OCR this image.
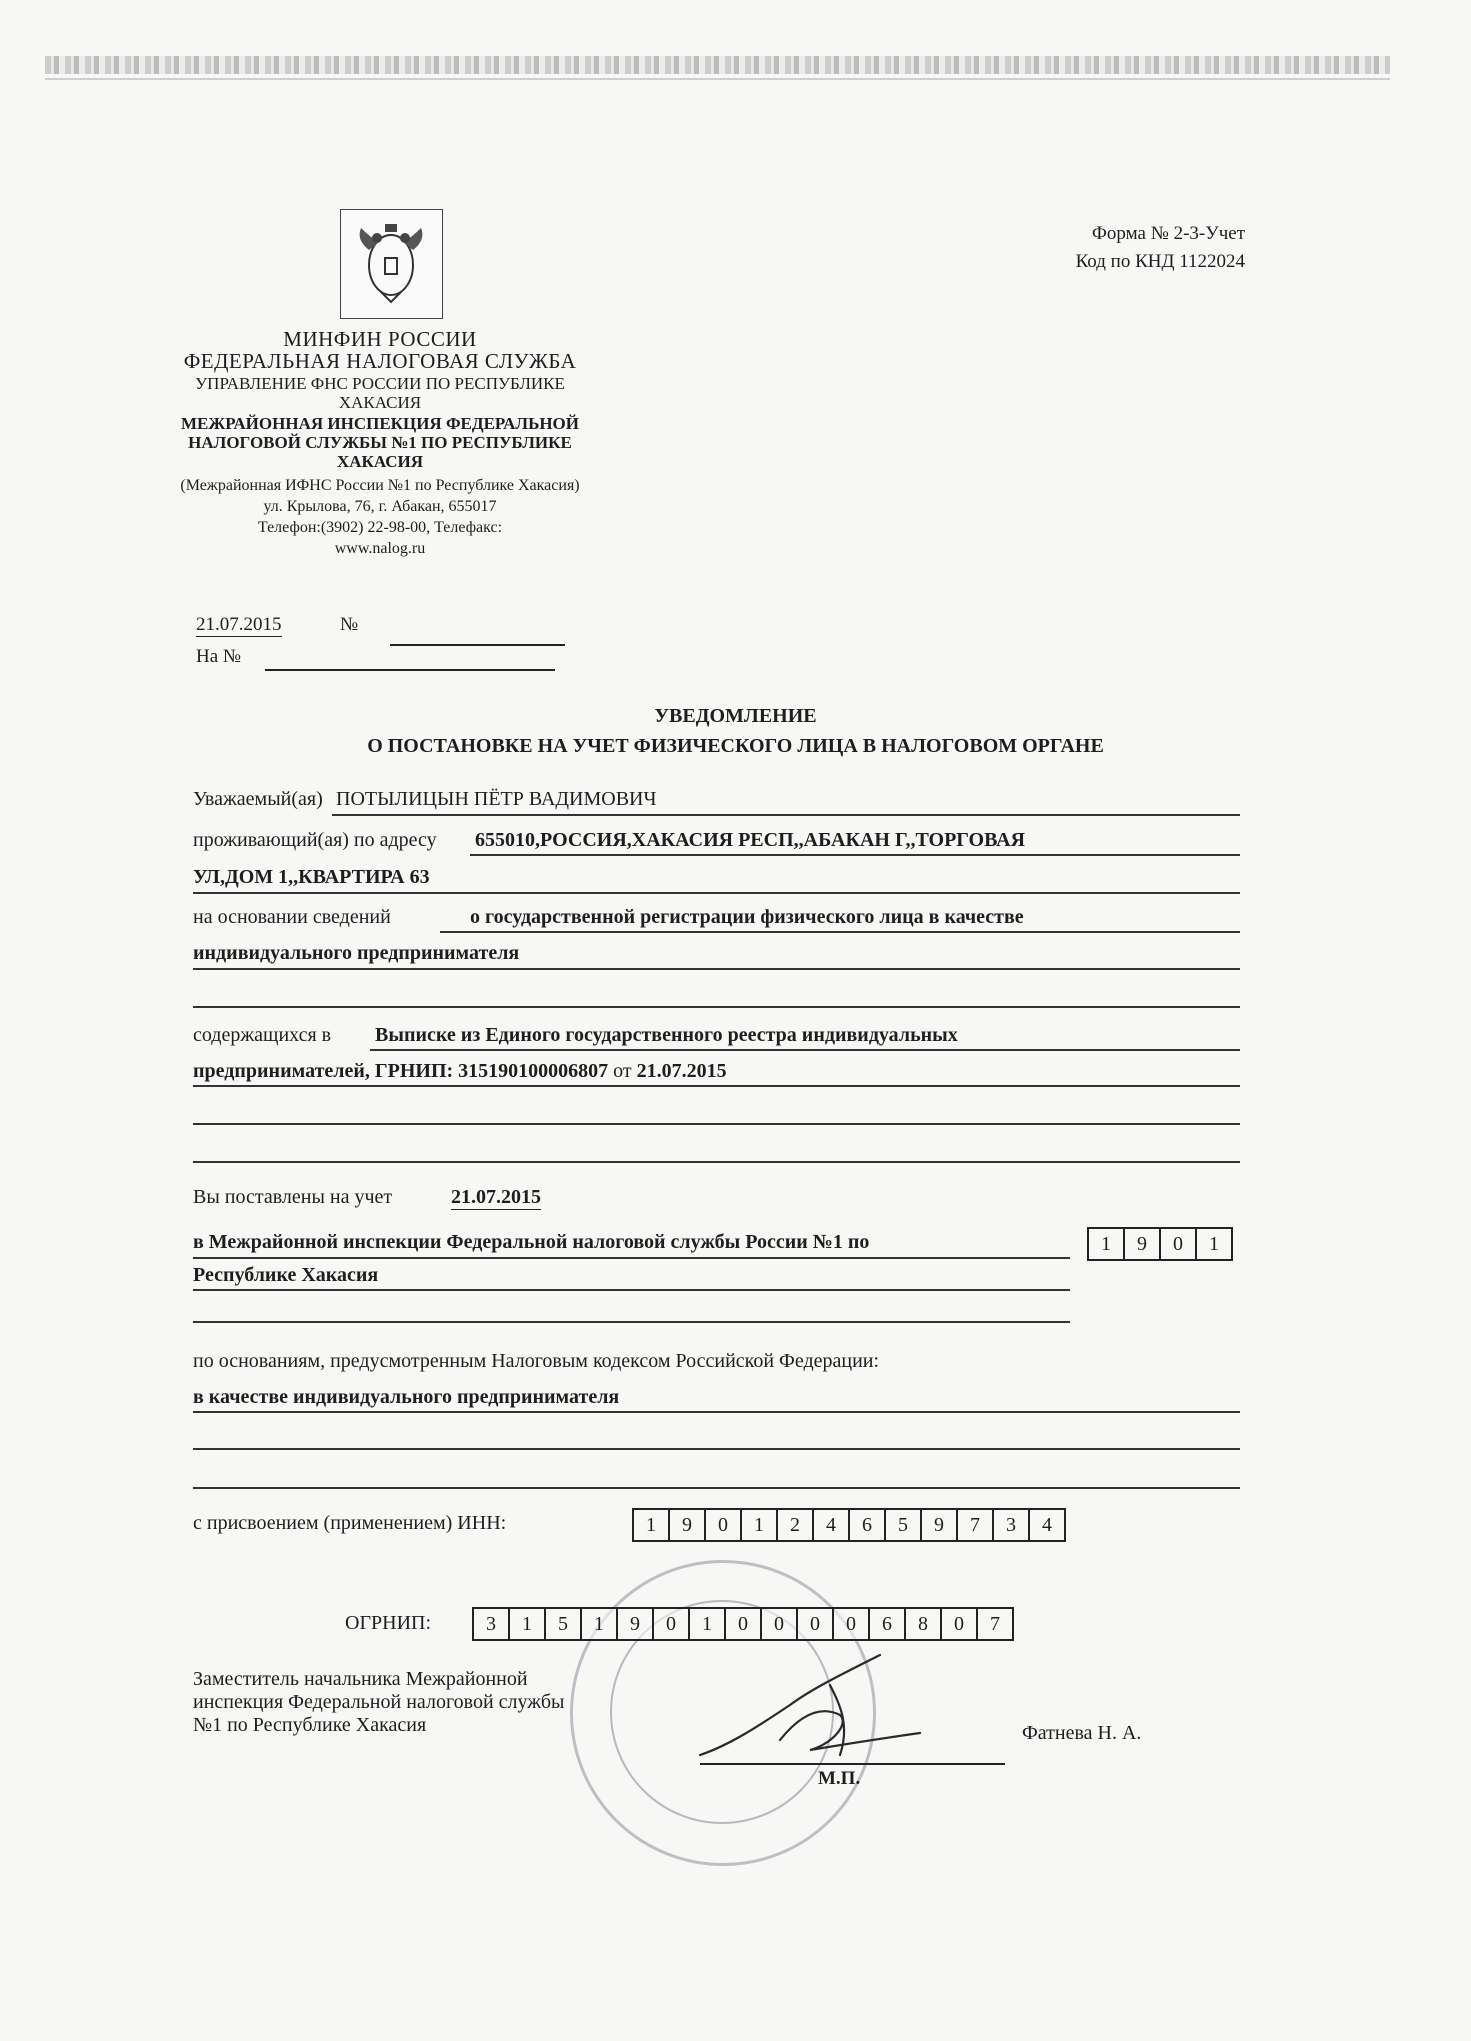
МИНФИН РОССИИ
ФЕДЕРАЛЬНАЯ НАЛОГОВАЯ СЛУЖБА
УПРАВЛЕНИЕ ФНС РОССИИ ПО РЕСПУБЛИКЕ
ХАКАСИЯ
МЕЖРАЙОННАЯ ИНСПЕКЦИЯ ФЕДЕРАЛЬНОЙ
НАЛОГОВОЙ СЛУЖБЫ №1 ПО РЕСПУБЛИКЕ
ХАКАСИЯ
(Межрайонная ИФНС России №1 по Республике Хакасия)
ул. Крылова, 76, г. Абакан, 655017
Телефон:(3902) 22-98-00, Телефакс:
www.nalog.ru
Форма № 2-3-Учет
Код по КНД 1122024
21.07.2015	№
На №
УВЕДОМЛЕНИЕ
О ПОСТАНОВКЕ НА УЧЕТ ФИЗИЧЕСКОГО ЛИЦА В НАЛОГОВОМ ОРГАНЕ
Уважаемый(ая) ПОТЫЛИЦЫН ПЁТР ВАДИМОВИЧ
проживающий(ая) по адресу 655010,РОССИЯ,ХАКАСИЯ РЕСП,,АБАКАН Г,,ТОРГОВАЯ
УЛ,ДОМ 1,,КВАРТИРА 63
на основании сведений	о государственной регистрации физического лица в качестве
индивидуального предпринимателя
содержащихся в Выписке из Единого государственного реестра индивидуальных
предпринимателей, ГРНИП: 315190100006807 от 21.07.2015
Вы поставлены на учет	21.07.2015
в Межрайонной инспекции Федеральной налоговой службы России №1 по
Республике Хакасия
1	9	0	1
по основаниям, предусмотренным Налоговым кодексом Российской Федерации:
в качестве индивидуального предпринимателя
с присвоением (применением) ИНН:	1	9	0	1	2	4	6	5	9	7	3	4
ОГРНИП:	3	1	5	1	9	0	1	0	0	0	0	6	8	0	7
Заместитель начальника Межрайонной
инспекция Федеральной налоговой службы
№1 по Республике Хакасия
М.П.
Фатнева Н. А.
